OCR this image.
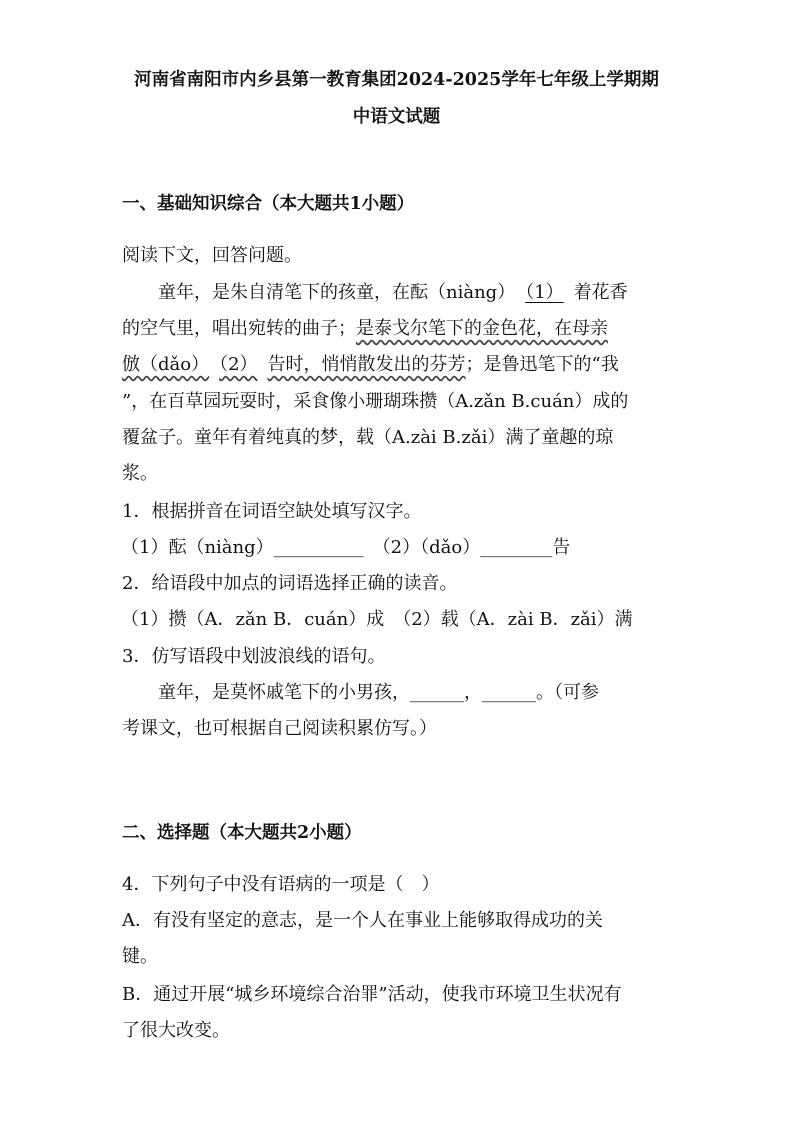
河南省南阳市内乡县第一教育集团2024-2025学年七年级上学期期
中语文试题
一、基础知识综合（本大题共1小题）
阅读下文，回答问题。
童年，是朱自清笔下的孩童，在酝（niàng） （1） 着花香
的空气里，唱出宛转的曲子；是泰戈尔笔下的金色花，在母亲
倣（dǎo） （2） 告时，悄悄散发出的芬芳；是鲁迅笔下的“我
”，在百草园玩耍时，采食像小珊瑚珠攒（A.zǎn B.cuán）成的
覆盆子。童年有着纯真的梦，载（A.zài B.zǎi）满了童趣的琼
浆。
1．根据拼音在词语空缺处填写汉字。
（1）酝（niàng）__________　（2）（dǎo）________告
2．给语段中加点的词语选择正确的读音。
（1）攒（A．zǎn B．cuán）成　（2）载（A．zài B．zǎi）满
3．仿写语段中划波浪线的语句。
童年，是莫怀戚笔下的小男孩，______，______。（可参
考课文，也可根据自己阅读积累仿写。）
二、选择题（本大题共2小题）
4．下列句子中没有语病的一项是（　）
A．有没有坚定的意志，是一个人在事业上能够取得成功的关
键。
B．通过开展“城乡环境综合治罪”活动，使我市环境卫生状况有
了很大改变。
